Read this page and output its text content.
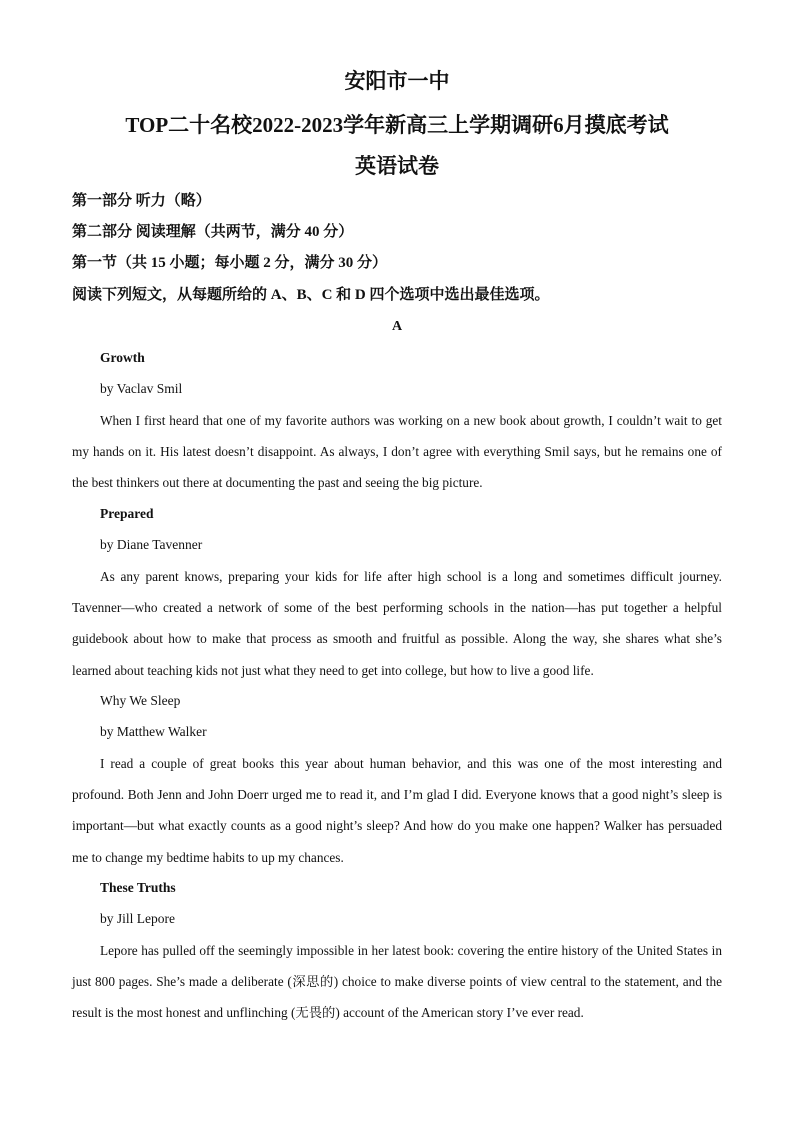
安阳市一中
TOP二十名校2022-2023学年新高三上学期调研6月摸底考试
英语试卷
第一部分 听力（略）
第二部分 阅读理解（共两节，满分 40 分）
第一节（共 15 小题；每小题 2 分，满分 30 分）
阅读下列短文，从每题所给的 A、B、C 和 D 四个选项中选出最佳选项。
A
Growth
by Vaclav Smil
When I first heard that one of my favorite authors was working on a new book about growth, I couldn’t wait to get my hands on it. His latest doesn’t disappoint. As always, I don’t agree with everything Smil says, but he remains one of the best thinkers out there at documenting the past and seeing the big picture.
Prepared
by Diane Tavenner
As any parent knows, preparing your kids for life after high school is a long and sometimes difficult journey. Tavenner—who created a network of some of the best performing schools in the nation—has put together a helpful guidebook about how to make that process as smooth and fruitful as possible. Along the way, she shares what she’s learned about teaching kids not just what they need to get into college, but how to live a good life.
Why We Sleep
by Matthew Walker
I read a couple of great books this year about human behavior, and this was one of the most interesting and profound. Both Jenn and John Doerr urged me to read it, and I’m glad I did. Everyone knows that a good night’s sleep is important—but what exactly counts as a good night’s sleep? And how do you make one happen? Walker has persuaded me to change my bedtime habits to up my chances.
These Truths
by Jill Lepore
Lepore has pulled off the seemingly impossible in her latest book: covering the entire history of the United States in just 800 pages. She’s made a deliberate (深思的) choice to make diverse points of view central to the statement, and the result is the most honest and unflinching (无畏的) account of the American story I’ve ever read.
